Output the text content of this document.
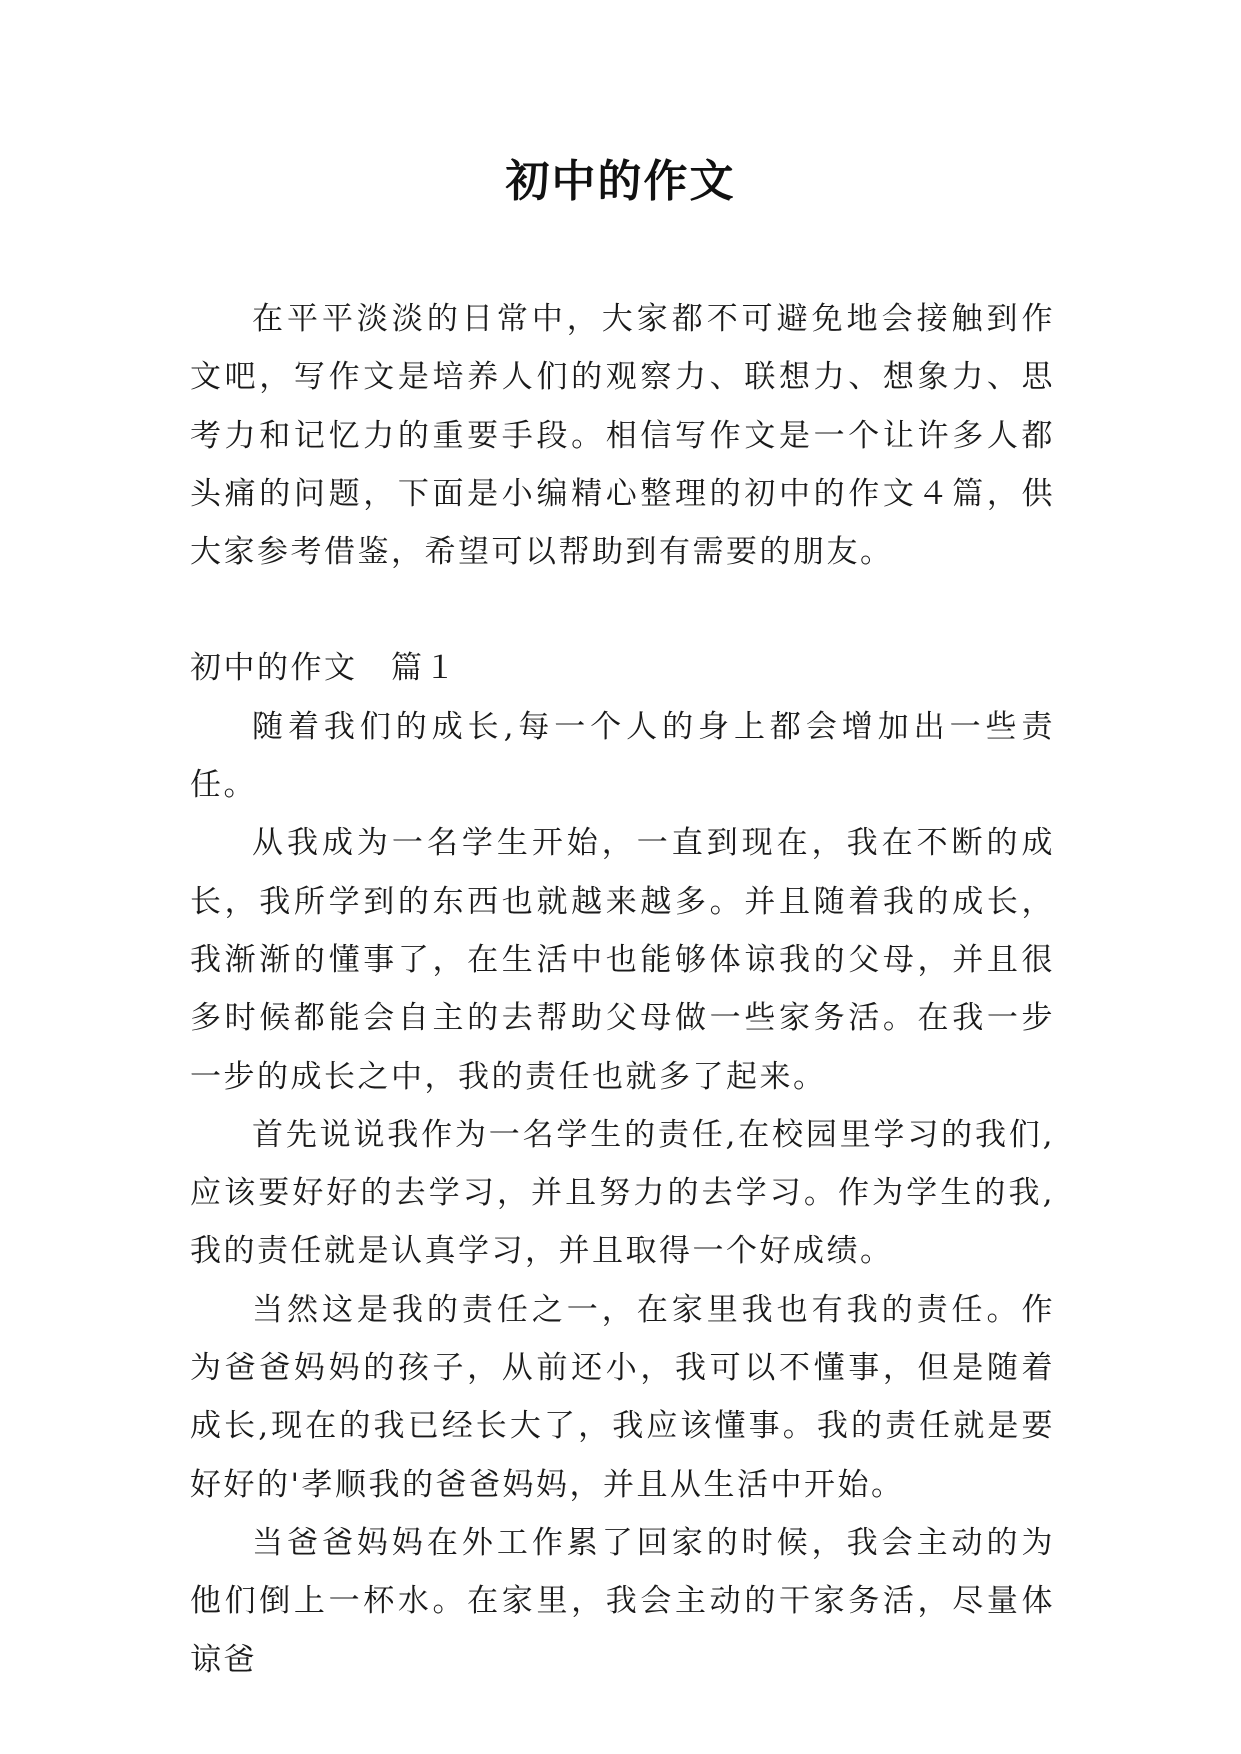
初中的作文

在平平淡淡的日常中，大家都不可避免地会接触到作文吧，写作文是培养人们的观察力、联想力、想象力、思考力和记忆力的重要手段。相信写作文是一个让许多人都头痛的问题，下面是小编精心整理的初中的作文４篇，供大家参考借鉴，希望可以帮助到有需要的朋友。

初中的作文　篇１

随着我们的成长,每一个人的身上都会增加出一些责任。

从我成为一名学生开始，一直到现在，我在不断的成长，我所学到的东西也就越来越多。并且随着我的成长，我渐渐的懂事了，在生活中也能够体谅我的父母，并且很多时候都能会自主的去帮助父母做一些家务活。在我一步一步的成长之中，我的责任也就多了起来。

首先说说我作为一名学生的责任,在校园里学习的我们,应该要好好的去学习，并且努力的去学习。作为学生的我,我的责任就是认真学习，并且取得一个好成绩。

当然这是我的责任之一，在家里我也有我的责任。作为爸爸妈妈的孩子，从前还小，我可以不懂事，但是随着成长,现在的我已经长大了，我应该懂事。我的责任就是要好好的'孝顺我的爸爸妈妈，并且从生活中开始。

当爸爸妈妈在外工作累了回家的时候，我会主动的为他们倒上一杯水。在家里，我会主动的干家务活，尽量体谅爸
